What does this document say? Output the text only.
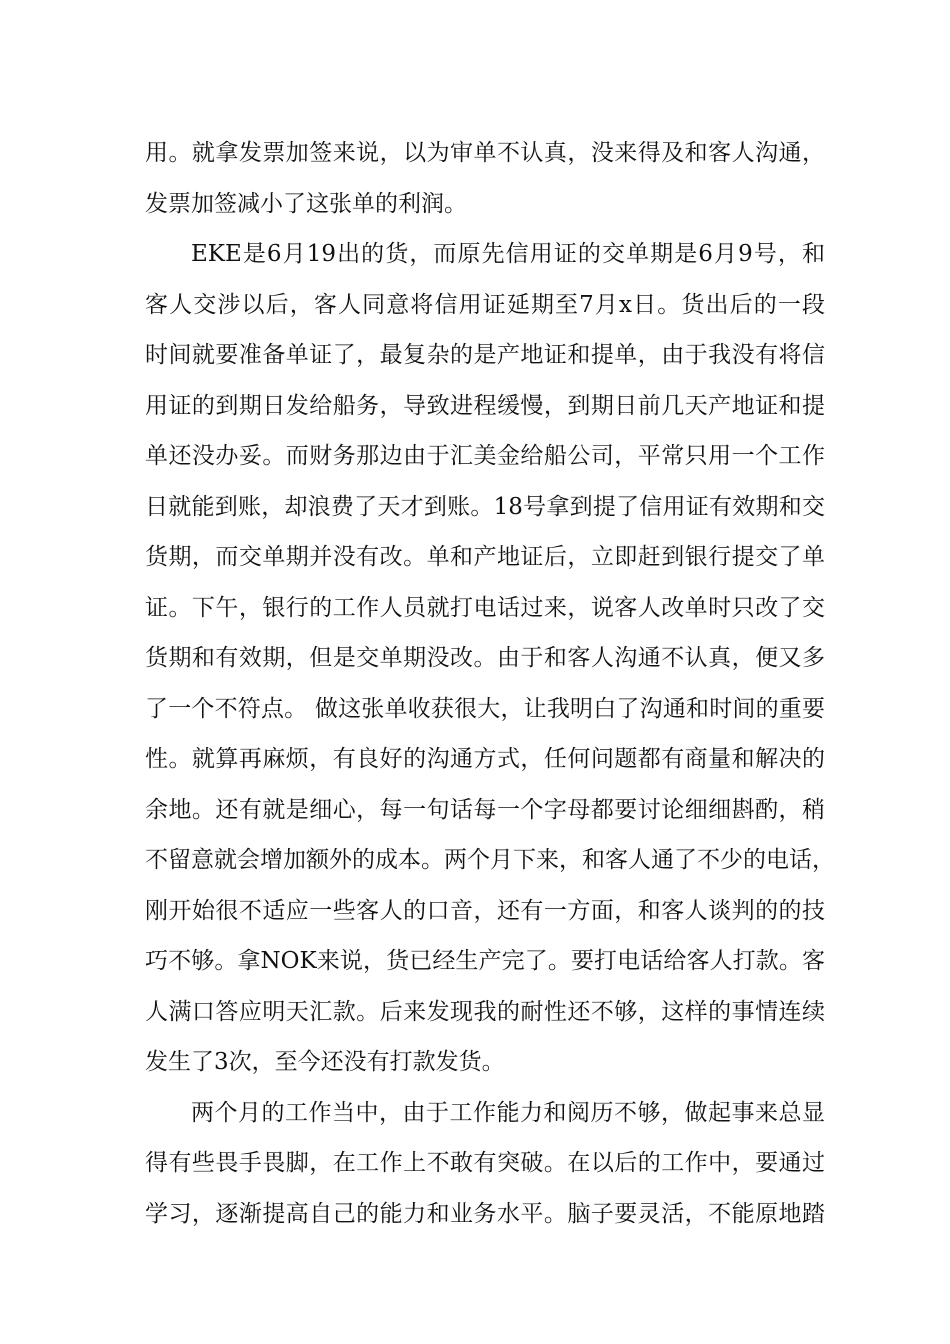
用。就拿发票加签来说，以为审单不认真，没来得及和客人沟通，
发票加签减小了这张单的利润。
EKE是6月19出的货，而原先信用证的交单期是6月9号，和
客人交涉以后，客人同意将信用证延期至7月x日。货出后的一段
时间就要准备单证了，最复杂的是产地证和提单，由于我没有将信
用证的到期日发给船务，导致进程缓慢，到期日前几天产地证和提
单还没办妥。而财务那边由于汇美金给船公司，平常只用一个工作
日就能到账，却浪费了天才到账。18号拿到提了信用证有效期和交
货期，而交单期并没有改。单和产地证后，立即赶到银行提交了单
证。下午，银行的工作人员就打电话过来，说客人改单时只改了交
货期和有效期，但是交单期没改。由于和客人沟通不认真，便又多
了一个不符点。 做这张单收获很大，让我明白了沟通和时间的重要
性。就算再麻烦，有良好的沟通方式，任何问题都有商量和解决的
余地。还有就是细心，每一句话每一个字母都要讨论细细斟酌，稍
不留意就会增加额外的成本。两个月下来，和客人通了不少的电话，
刚开始很不适应一些客人的口音，还有一方面，和客人谈判的的技
巧不够。拿NOK来说，货已经生产完了。要打电话给客人打款。客
人满口答应明天汇款。后来发现我的耐性还不够，这样的事情连续
发生了3次，至今还没有打款发货。
两个月的工作当中，由于工作能力和阅历不够，做起事来总显
得有些畏手畏脚，在工作上不敢有突破。在以后的工作中，要通过
学习，逐渐提高自己的能力和业务水平。脑子要灵活，不能原地踏
